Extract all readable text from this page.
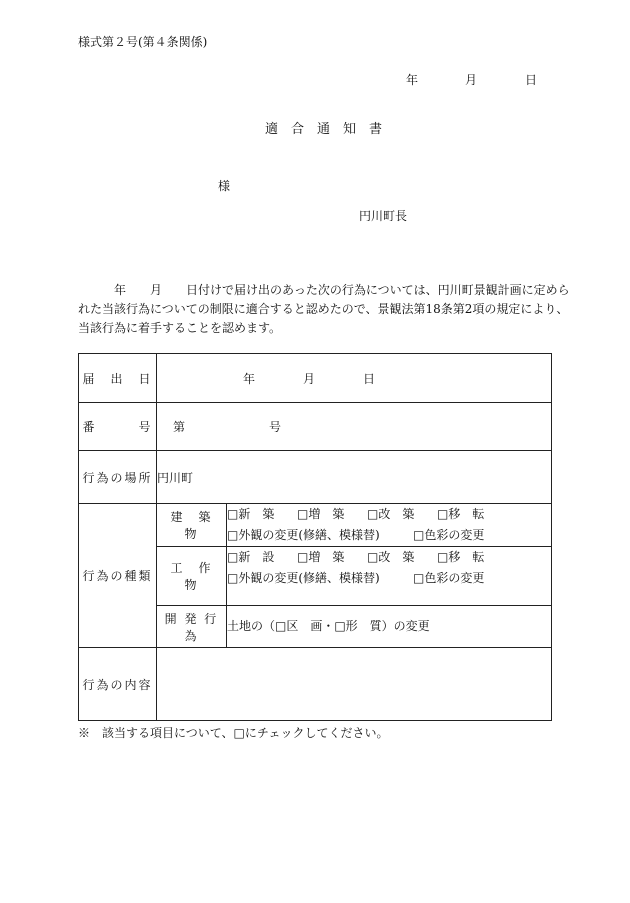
様式第２号(第４条関係)
年	月	日
適　合　通　知　書
様
円川町長
　　　年　　月　　日付けで届け出のあった次の行為については、円川町景観計画に定めら
れた当該行為についての制限に適合すると認めたので、景観法第18条第2項の規定により、
当該行為に着手することを認めます。
届　出　日	年　　　　月　　　　日	
番　　　号	第 号	
行為の場所	円川町	
行為の種類	建　築　物	□新　築 □増　築 □改　築 □移　転
□外観の変更(修繕、模様替) □色彩の変更

	工　作　物	□新　設 □増　築 □改　築 □移　転
□外観の変更(修繕、模様替) □色彩の変更

	開 発 行 為	土地の（□区　画・□形　質）の変更
行為の内容		
※　該当する項目について、□にチェックしてください。
